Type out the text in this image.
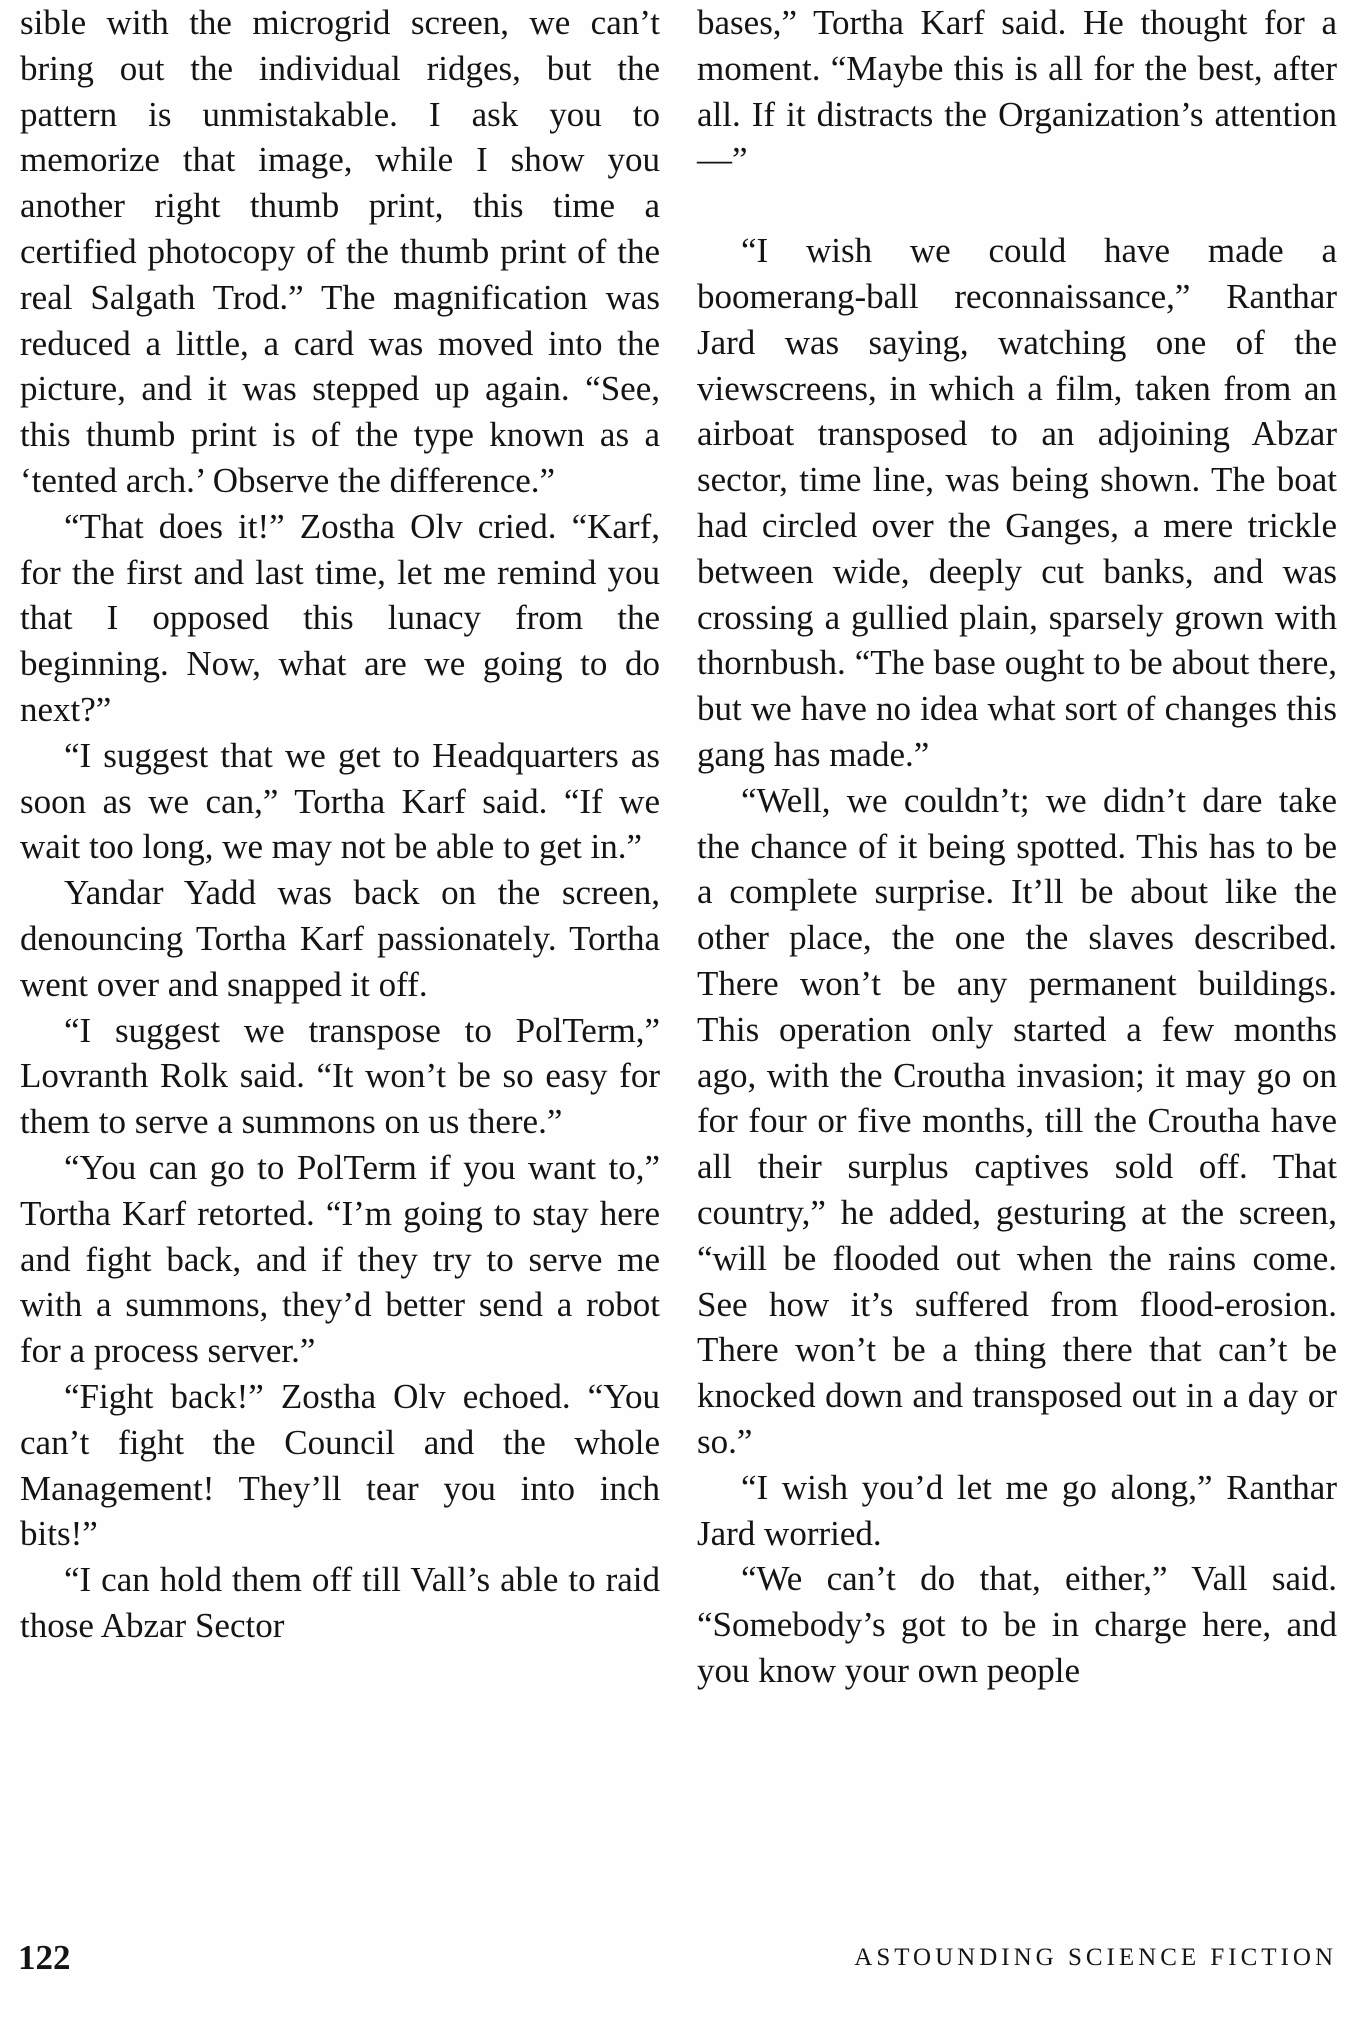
sible with the microgrid screen, we can’t bring out the individual ridges, but the pattern is unmistakable. I ask you to memorize that image, while I show you another right thumb print, this time a certified photocopy of the thumb print of the real Salgath Trod.” The magnification was reduced a little, a card was moved into the picture, and it was stepped up again. “See, this thumb print is of the type known as a ‘tented arch.’ Observe the difference.”

“That does it!” Zostha Olv cried. “Karf, for the first and last time, let me remind you that I opposed this lunacy from the beginning. Now, what are we going to do next?”

“I suggest that we get to Headquarters as soon as we can,” Tortha Karf said. “If we wait too long, we may not be able to get in.”

Yandar Yadd was back on the screen, denouncing Tortha Karf passionately. Tortha went over and snapped it off.

“I suggest we transpose to PolTerm,” Lovranth Rolk said. “It won’t be so easy for them to serve a summons on us there.”

“You can go to PolTerm if you want to,” Tortha Karf retorted. “I’m going to stay here and fight back, and if they try to serve me with a summons, they’d better send a robot for a process server.”

“Fight back!” Zostha Olv echoed. “You can’t fight the Council and the whole Management! They’ll tear you into inch bits!”

“I can hold them off till Vall’s able to raid those Abzar Sector

bases,” Tortha Karf said. He thought for a moment. “Maybe this is all for the best, after all. If it distracts the Organization’s attention—”

“I wish we could have made a boomerang-ball reconnaissance,” Ranthar Jard was saying, watching one of the viewscreens, in which a film, taken from an airboat transposed to an adjoining Abzar sector, time line, was being shown. The boat had circled over the Ganges, a mere trickle between wide, deeply cut banks, and was crossing a gullied plain, sparsely grown with thornbush. “The base ought to be about there, but we have no idea what sort of changes this gang has made.”

“Well, we couldn’t; we didn’t dare take the chance of it being spotted. This has to be a complete surprise. It’ll be about like the other place, the one the slaves described. There won’t be any permanent buildings. This operation only started a few months ago, with the Croutha invasion; it may go on for four or five months, till the Croutha have all their surplus captives sold off. That country,” he added, gesturing at the screen, “will be flooded out when the rains come. See how it’s suffered from flood-erosion. There won’t be a thing there that can’t be knocked down and transposed out in a day or so.”

“I wish you’d let me go along,” Ranthar Jard worried.

“We can’t do that, either,” Vall said. “Somebody’s got to be in charge here, and you know your own people

122	ASTOUNDING SCIENCE FICTION
